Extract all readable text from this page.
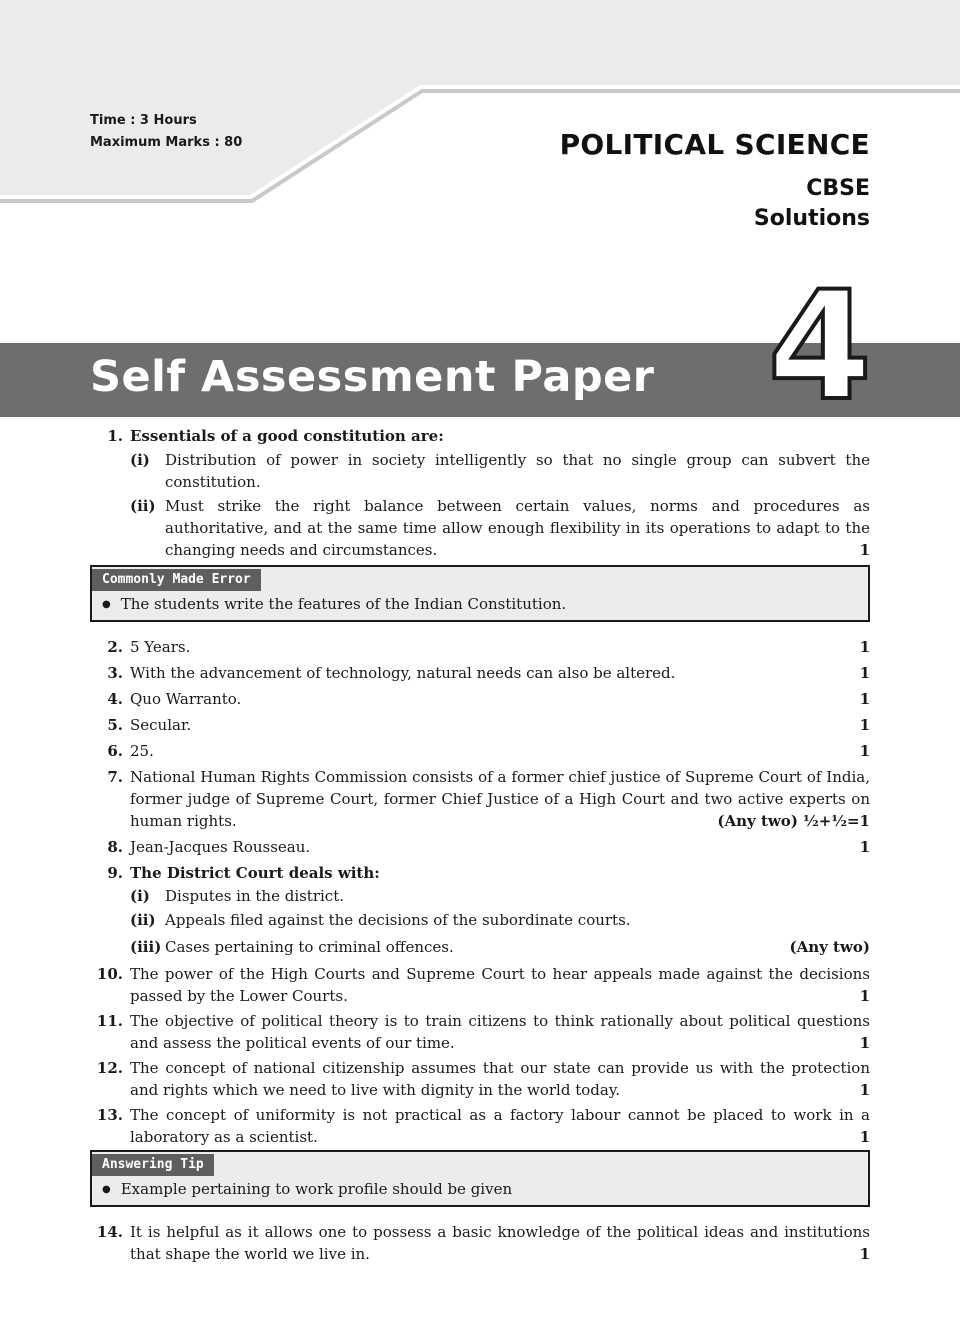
Time : 3 Hours
Maximum Marks : 80	POLITICAL SCIENCE
CBSE
Solutions
Self Assessment Paper 4
1. Essentials of a good constitution are:
(i) Distribution of power in society intelligently so that no single group can subvert the constitution.
(ii) Must strike the right balance between certain values, norms and procedures as authoritative, and at the same time allow enough flexibility in its operations to adapt to the changing needs and circumstances.	1
Commonly Made Error
● The students write the features of the Indian Constitution.
2. 5 Years.	1
3. With the advancement of technology, natural needs can also be altered.	1
4. Quo Warranto.	1
5. Secular.	1
6. 25.	1
7. National Human Rights Commission consists of a former chief justice of Supreme Court of India, former judge of Supreme Court, former Chief Justice of a High Court and two active experts on human rights.	(Any two) ½+½=1
8. Jean-Jacques Rousseau.	1
9. The District Court deals with:
(i) Disputes in the district.
(ii) Appeals filed against the decisions of the subordinate courts.
(iii) Cases pertaining to criminal offences.	(Any two)
10. The power of the High Courts and Supreme Court to hear appeals made against the decisions passed by the Lower Courts.	1
11. The objective of political theory is to train citizens to think rationally about political questions and assess the political events of our time.	1
12. The concept of national citizenship assumes that our state can provide us with the protection and rights which we need to live with dignity in the world today.	1
13. The concept of uniformity is not practical as a factory labour cannot be placed to work in a laboratory as a scientist.	1
Answering Tip
● Example pertaining to work profile should be given
14. It is helpful as it allows one to possess a basic knowledge of the political ideas and institutions that shape the world we live in.	1
